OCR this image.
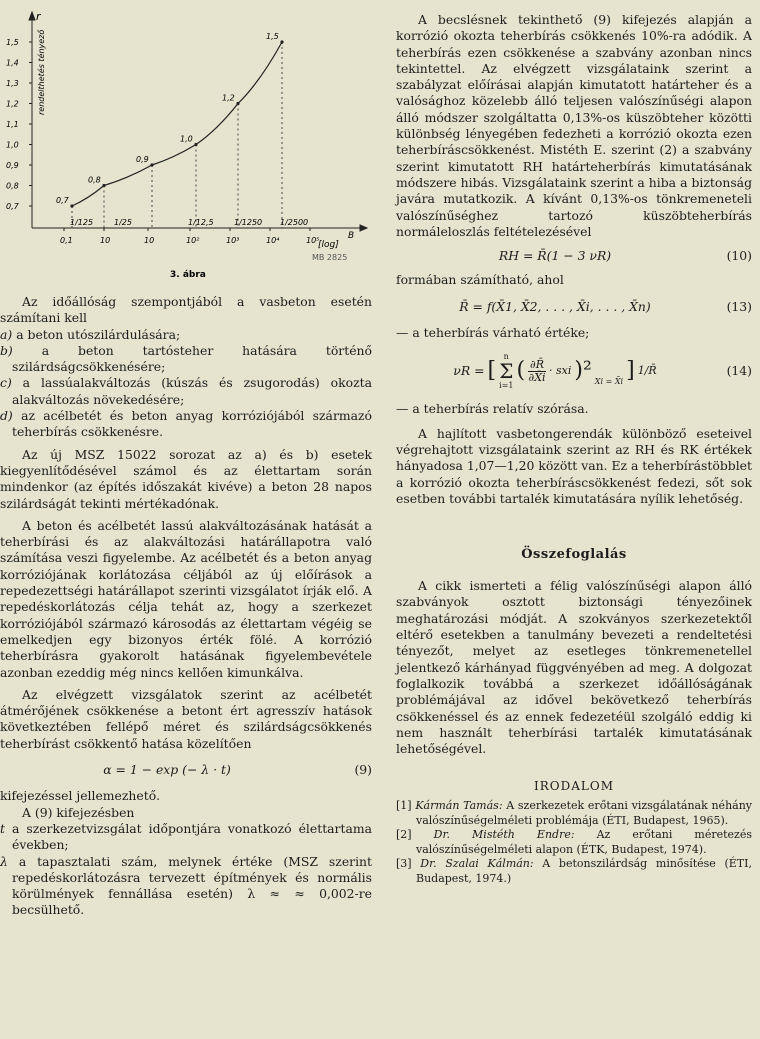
r
rendelthetés tényező
1,5
1,4
1,3
1,2
1,1
1,0
0,9
0,8
0,7
0,7
0,8
0,9
1,0
1,2
1,5
1/125	1/25	1/12,5	1/1250 1/2500
0,1	10	10	10²	10³	10⁴	10⁵
[log]
B
MB 2825
3. ábra

Az időállóság szempontjából a vasbeton esetén számítani kell

a) a beton utószilárdulására;
b) a beton tartósteher hatására történő szilárdságcsökkenésére;
c) a lassúalakváltozás (kúszás és zsugorodás) okozta alakváltozás növekedésére;
d) az acélbetét és beton anyag korróziójából származó teherbírás csökkenésre.

Az új MSZ 15022 sorozat az a) és b) esetek kiegyenlítődésével számol és az élettartam során mindenkor (az építés időszakát kivéve) a beton 28 napos szilárdságát tekinti mértékadónak.

A beton és acélbetét lassú alakváltozásának hatását a teherbírási és az alakváltozási határállapotra való számítása veszi figyelembe. Az acélbetét és a beton anyag korróziójának korlátozása céljából az új előírások a repedezettségi határállapot szerinti vizsgálatot írják elő. A repedéskorlátozás célja tehát az, hogy a szerkezet korróziójából származó károsodás az élettartam végéig se emelkedjen egy bizonyos érték fölé. A korrózió teherbírásra gyakorolt hatásának figyelembevétele azonban ezeddig még nincs kellően kimunkálva.

Az elvégzett vizsgálatok szerint az acélbetét átmérőjének csökkenése a betont ért agresszív hatások következtében fellépő méret és szilárdságcsökkenés teherbírást csökkentő hatása közelítően

α = 1 − exp (− λ · t)	(9)

kifejezéssel jellemezhető.

A (9) kifejezésben

t a szerkezetvizsgálat időpontjára vonatkozó élettartama években;
λ a tapasztalati szám, melynek értéke (MSZ szerint repedéskorlátozásra tervezett építmények és normális körülmények fennállása esetén) λ ≈ ≈ 0,002-re becsülhető.

A becslésnek tekinthető (9) kifejezés alapján a korrózió okozta teherbírás csökkenés 10%-ra adódik. A teherbírás ezen csökkenése a szabvány azonban nincs tekintettel. Az elvégzett vizsgálataink szerint a szabályzat előírásai alapján kimutatott határteher és a valósághoz közelebb álló teljesen valószínűségi alapon álló módszer szolgáltatta 0,13%-os küszöbteher közötti különbség lényegében fedezheti a korrózió okozta ezen teherbíráscsökkenést. Mistéth E. szerint (2) a szabvány szerint kimutatott RH határteherbírás kimutatásának módszere hibás. Vizsgálataink szerint a hiba a biztonság javára mutatkozik. A kívánt 0,13%-os tönkremeneteli valószínűséghez tartozó küszöbteherbírás normáleloszlás feltételezésével

RH = R̄(1 − 3 νR)	(10)

formában számítható, ahol

R̄ = f(X̄1, X̄2, . . . , X̄i, . . . , X̄n)	(13)

— a teherbírás várható értéke;

νR = [
n
Σ
i=1
( $\frac{\partial R̄}{\partial X̄i}$ · sxi )² Xi = X̄i ] 1/R̄	(14)

— a teherbírás relatív szórása.

A hajlított vasbetongerendák különböző eseteivel végrehajtott vizsgálataink szerint az RH és RK értékek hányadosa 1,07—1,20 között van. Ez a teherbírástöbblet a korrózió okozta teherbíráscsökkenést fedezi, sőt sok esetben további tartalék kimutatására nyílik lehetőség.

Összefoglalás

A cikk ismerteti a félig valószínűségi alapon álló szabványok osztott biztonsági tényezőinek meghatározási módját. A szokványos szerkezetektől eltérő esetekben a tanulmány bevezeti a rendeltetési tényezőt, melyet az esetleges tönkremenetellel jelentkező kárhányad függvényében ad meg. A dolgozat foglalkozik továbbá a szerkezet időállóságának problémájával az idővel bekövetkező teherbírás csökkenéssel és az ennek fedezetéül szolgáló eddig ki nem használt teherbírási tartalék kimutatásának lehetőségével.

IRODALOM
[1] Kármán Tamás: A szerkezetek erőtani vizsgálatának néhány valószínűségelméleti problémája (ÉTI, Budapest, 1965).
[2] Dr. Mistéth Endre: Az erőtani méretezés valószínűségelméleti alapon (ÉTK, Budapest, 1974).
[3] Dr. Szalai Kálmán: A betonszilárdság minősítése (ÉTI, Budapest, 1974.)
